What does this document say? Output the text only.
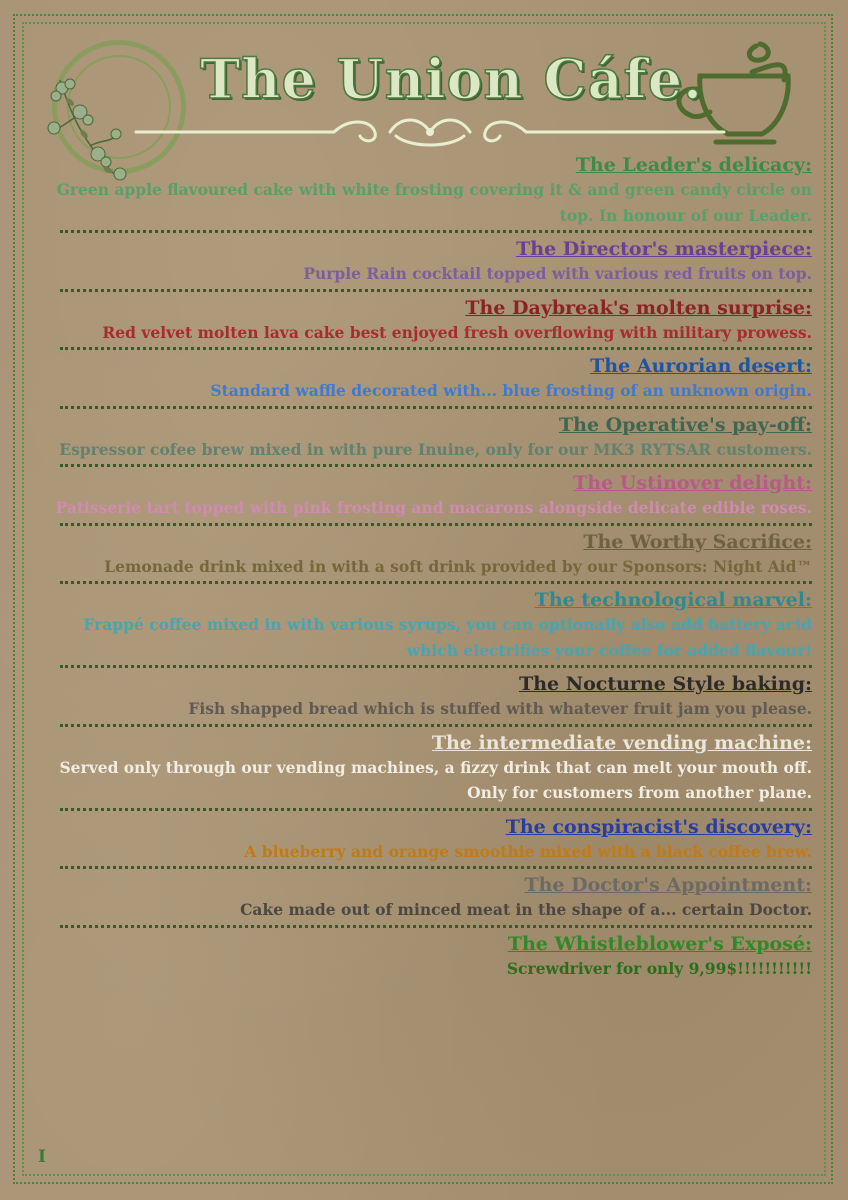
The Union Cáfe.
The Leader's delicacy:
Green apple flavoured cake with white frosting covering it & and green candy circle on top. In honour of our Leader.
The Director's masterpiece:
Purple Rain cocktail topped with various red fruits on top.
The Daybreak's molten surprise:
Red velvet molten lava cake best enjoyed fresh overflowing with military prowess.
The Aurorian desert:
Standard waffle decorated with... blue frosting of an unknown origin.
The Operative's pay-off:
Espressor cofee brew mixed in with pure Inuine, only for our MK3 RYTSAR customers.
The Ustinover delight:
Patisserie tart topped with pink frosting and macarons alongside delicate edible roses.
The Worthy Sacrifice:
Lemonade drink mixed in with a soft drink provided by our Sponsors: Night Aid™
The technological marvel:
Frappé coffee mixed in with various syrups, you can optionally also add battery acid which electrifies your coffee for added flavour!
The Nocturne Style baking:
Fish shapped bread which is stuffed with whatever fruit jam you please.
The intermediate vending machine:
Served only through our vending machines, a fizzy drink that can melt your mouth off. Only for customers from another plane.
The conspiracist's discovery:
A blueberry and orange smoothie mixed with a black coffee brew.
The Doctor's Appointment:
Cake made out of minced meat in the shape of a... certain Doctor.
The Whistleblower's Exposé:
Screwdriver for only 9,99$!!!!!!!!!!!
I
